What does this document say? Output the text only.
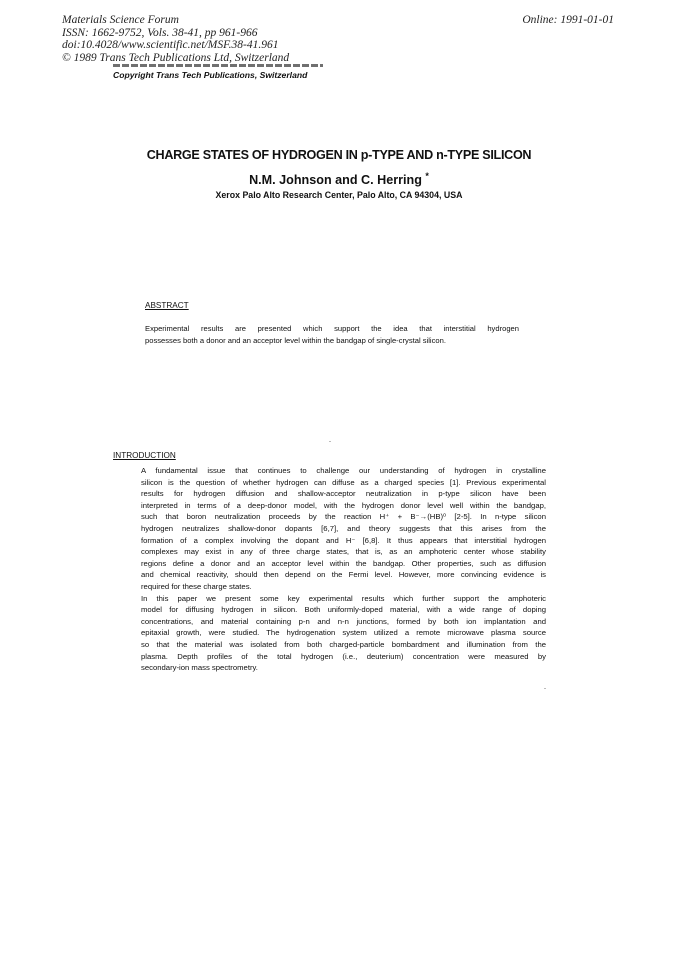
Materials Science Forum
ISSN: 1662-9752, Vols. 38-41, pp 961-966
doi:10.4028/www.scientific.net/MSF.38-41.961
© 1989 Trans Tech Publications Ltd, Switzerland
Online: 1991-01-01
Copyright Trans Tech Publications, Switzerland
CHARGE STATES OF HYDROGEN IN p-TYPE AND n-TYPE SILICON
N.M. Johnson and C. Herring *
Xerox Palo Alto Research Center, Palo Alto, CA 94304, USA
ABSTRACT
Experimental results are presented which support the idea that interstitial hydrogen
possesses both a donor and an acceptor level within the bandgap of single-crystal silicon.
INTRODUCTION

A fundamental issue that continues to challenge our understanding of hydrogen in crystalline
silicon is the question of whether hydrogen can diffuse as a charged species [1]. Previous experimental
results for hydrogen diffusion and shallow-acceptor neutralization in p-type silicon have been
interpreted in terms of a deep-donor model, with the hydrogen donor level well within the bandgap,
such that boron neutralization proceeds by the reaction H⁺ + B⁻→(HB)⁰ [2-5]. In n-type silicon
hydrogen neutralizes shallow-donor dopants [6,7], and theory suggests that this arises from the
formation of a complex involving the dopant and H⁻ [6,8]. It thus appears that interstitial hydrogen
complexes may exist in any of three charge states, that is, as an amphoteric center whose stability
regions define a donor and an acceptor level within the bandgap. Other properties, such as diffusion
and chemical reactivity, should then depend on the Fermi level. However, more convincing evidence is
required for these charge states.

In this paper we present some key experimental results which further support the amphoteric
model for diffusing hydrogen in silicon. Both uniformly-doped material, with a wide range of doping
concentrations, and material containing p-n and n-n junctions, formed by both ion implantation and
epitaxial growth, were studied. The hydrogenation system utilized a remote microwave plasma source
so that the material was isolated from both charged-particle bombardment and illumination from the
plasma. Depth profiles of the total hydrogen (i.e., deuterium) concentration were measured by
secondary-ion mass spectrometry.
